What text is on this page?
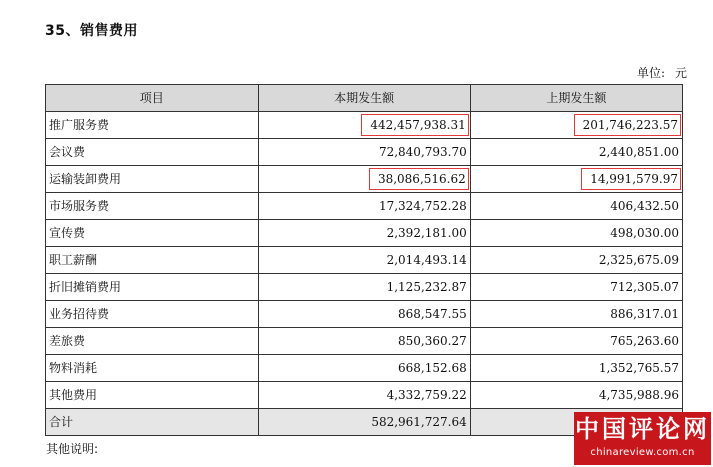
35、销售费用
单位: 元
项目	本期发生额	上期发生额
推广服务费	442,457,938.31	201,746,223.57
会议费	72,840,793.70	2,440,851.00
运输装卸费用	38,086,516.62	14,991,579.97
市场服务费	17,324,752.28	406,432.50
宣传费	2,392,181.00	498,030.00
职工薪酬	2,014,493.14	2,325,675.09
折旧摊销费用	1,125,232.87	712,305.07
业务招待费	868,547.55	886,317.01
差旅费	850,360.27	765,263.60
物料消耗	668,152.68	1,352,765.57
其他费用	4,332,759.22	4,735,988.96
合计	582,961,727.64	
其他说明:
中国评论网
chinareview.com.cn
